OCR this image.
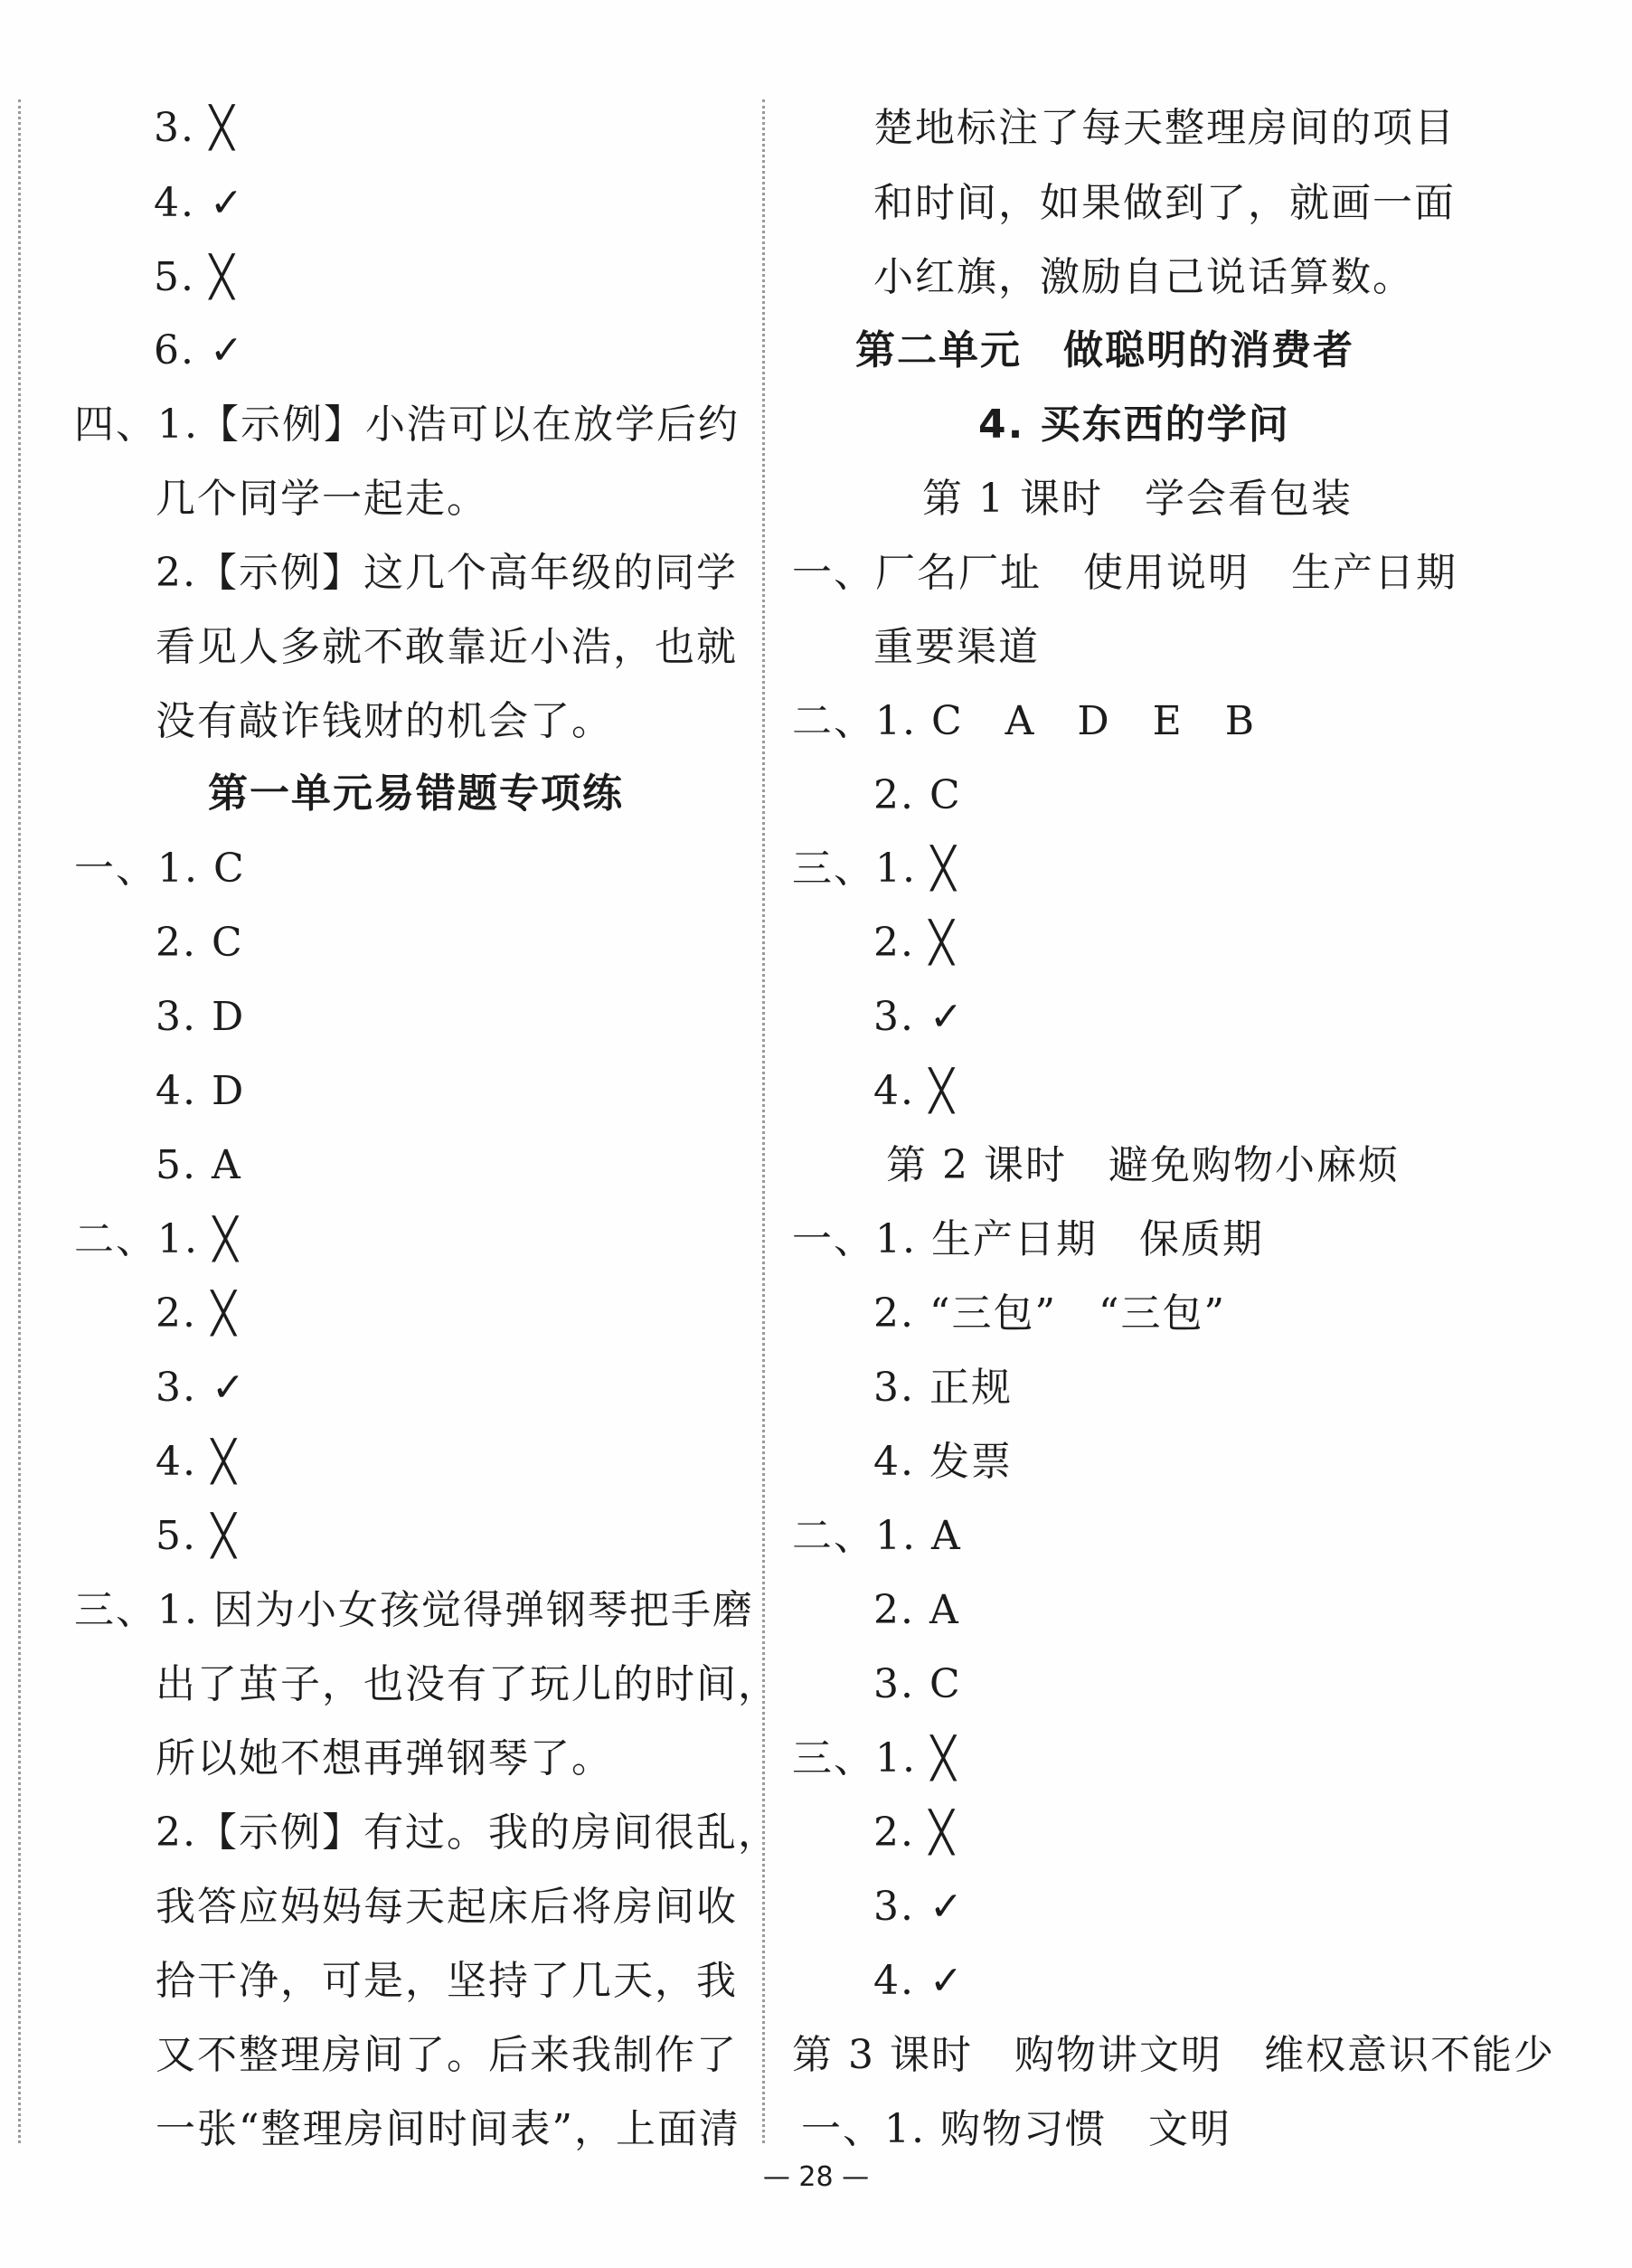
3. ╳
4. ✓
5. ╳
6. ✓
四、1.【示例】小浩可以在放学后约
几个同学一起走。
2.【示例】这几个高年级的同学
看见人多就不敢靠近小浩，也就
没有敲诈钱财的机会了。
第一单元易错题专项练
一、1. C
2. C
3. D
4. D
5. A
二、1. ╳
2. ╳
3. ✓
4. ╳
5. ╳
三、1. 因为小女孩觉得弹钢琴把手磨
出了茧子，也没有了玩儿的时间，
所以她不想再弹钢琴了。
2.【示例】有过。我的房间很乱，
我答应妈妈每天起床后将房间收
拾干净，可是，坚持了几天，我
又不整理房间了。后来我制作了
一张“整理房间时间表”，上面清
楚地标注了每天整理房间的项目
和时间，如果做到了，就画一面
小红旗，激励自己说话算数。
第二单元　做聪明的消费者
4. 买东西的学问
第 1 课时　学会看包装
一、厂名厂址　使用说明　生产日期
重要渠道
二、1. C　A　D　E　B
2. C
三、1. ╳
2. ╳
3. ✓
4. ╳
第 2 课时　避免购物小麻烦
一、1. 生产日期　保质期
2. “三包”　“三包”
3. 正规
4. 发票
二、1. A
2. A
3. C
三、1. ╳
2. ╳
3. ✓
4. ✓
第 3 课时　购物讲文明　维权意识不能少
一、1. 购物习惯　文明
— 28 —
